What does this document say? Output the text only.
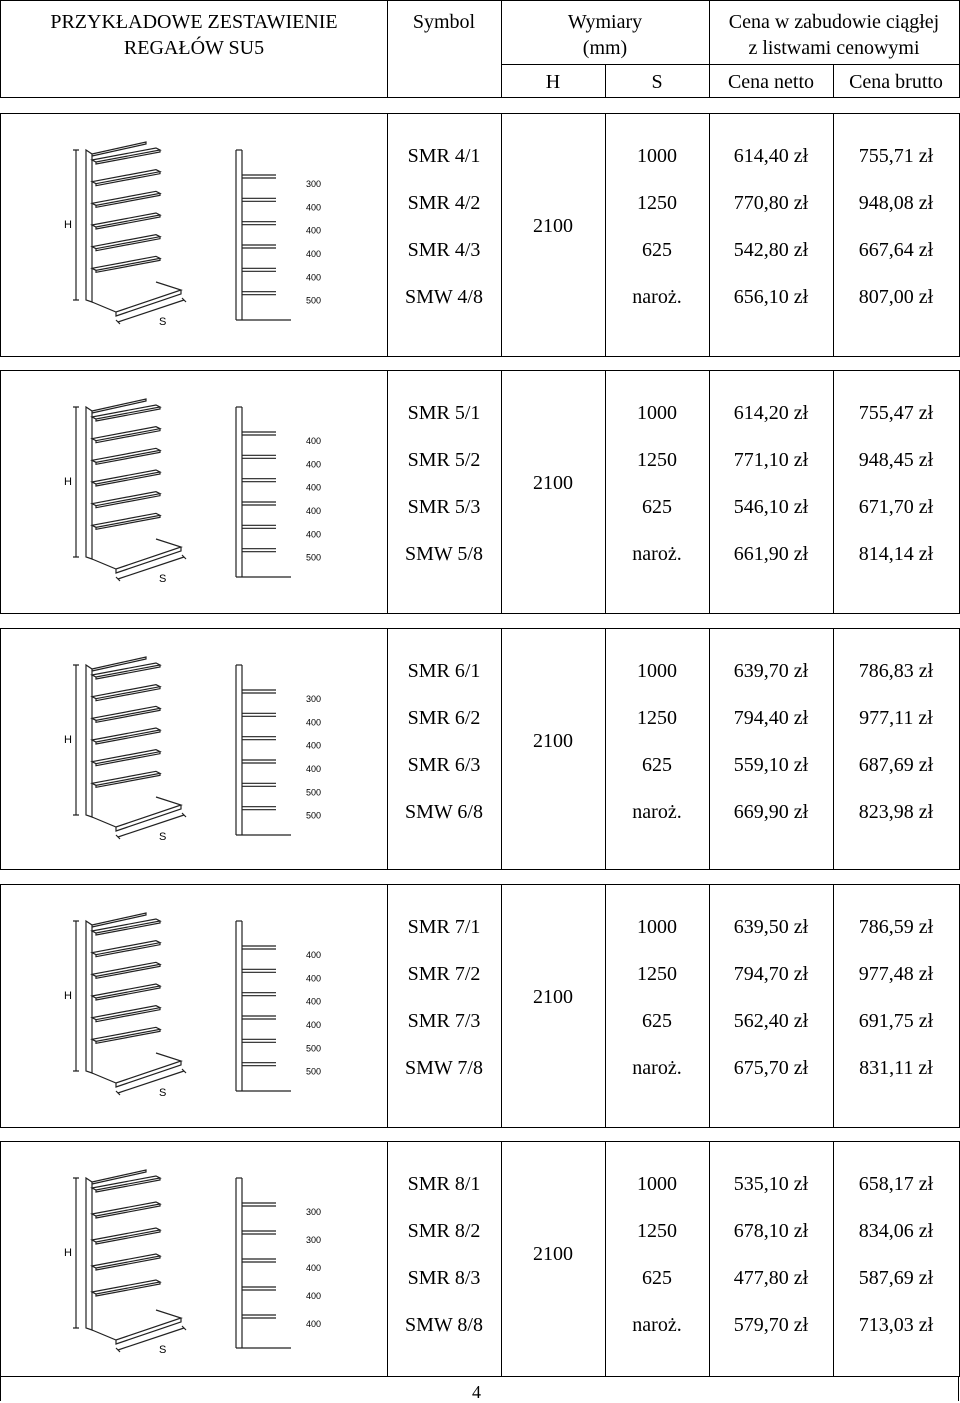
PRZYKŁADOWE ZESTAWIENIE
REGAŁÓW SU5
Symbol	Wymiary
(mm)
Cena w zabudowie ciągłej
z listwami cenowymi
H	S	Cena netto	Cena brutto
SMR 4/1	1000	614,40 zł	755,71 zł
SMR 4/2	1250	770,80 zł	948,08 zł
SMR 4/3	625	542,80 zł	667,64 zł
SMW 4/8	naroż.	656,10 zł	807,00 zł
2100
H
S
300
400
400
400
400
500
SMR 5/1	1000	614,20 zł	755,47 zł
SMR 5/2	1250	771,10 zł	948,45 zł
SMR 5/3	625	546,10 zł	671,70 zł
SMW 5/8	naroż.	661,90 zł	814,14 zł
2100
H
S
400
400
400
400
400
500
SMR 6/1	1000	639,70 zł	786,83 zł
SMR 6/2	1250	794,40 zł	977,11 zł
SMR 6/3	625	559,10 zł	687,69 zł
SMW 6/8	naroż.	669,90 zł	823,98 zł
2100
H
S
300
400
400
400
500
500
SMR 7/1	1000	639,50 zł	786,59 zł
SMR 7/2	1250	794,70 zł	977,48 zł
SMR 7/3	625	562,40 zł	691,75 zł
SMW 7/8	naroż.	675,70 zł	831,11 zł
2100
H
S
400
400
400
400
500
500
SMR 8/1	1000	535,10 zł	658,17 zł
SMR 8/2	1250	678,10 zł	834,06 zł
SMR 8/3	625	477,80 zł	587,69 zł
SMW 8/8	naroż.	579,70 zł	713,03 zł
2100
H
S
300
300
400
400
400
4
